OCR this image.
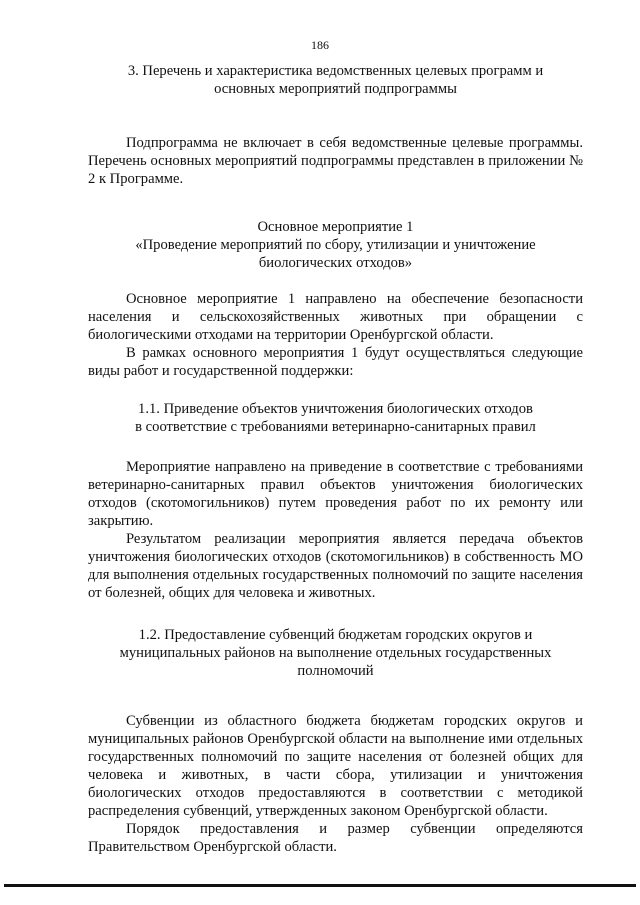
186

3. Перечень и характеристика ведомственных целевых программ и

основных мероприятий подпрограммы

Подпрограмма не включает в себя ведомственные целевые программы. Перечень основных мероприятий подпрограммы представлен в приложении № 2 к Программе.

Основное мероприятие 1

«Проведение мероприятий по сбору, утилизации и уничтожение

биологических отходов»

Основное мероприятие 1 направлено на обеспечение безопасности населения и сельскохозяйственных животных при обращении с биологическими отходами на территории Оренбургской области.

В рамках основного мероприятия 1 будут осуществляться следующие виды работ и государственной поддержки:

1.1. Приведение объектов уничтожения биологических отходов

в соответствие с требованиями ветеринарно-санитарных правил

Мероприятие направлено на приведение в соответствие с требованиями ветеринарно-санитарных правил объектов уничтожения биологических отходов (скотомогильников) путем проведения работ по их ремонту или закрытию.

Результатом реализации мероприятия является передача объектов уничтожения биологических отходов (скотомогильников) в собственность МО для выполнения отдельных государственных полномочий по защите населения от болезней, общих для человека и животных.

1.2. Предоставление субвенций бюджетам городских округов и

муниципальных районов на выполнение отдельных государственных

полномочий

Субвенции из областного бюджета бюджетам городских округов и муниципальных районов Оренбургской области на выполнение ими отдельных государственных полномочий по защите населения от болезней общих для человека и животных, в части сбора, утилизации и уничтожения биологических отходов предоставляются в соответствии с методикой распределения субвенций, утвержденных законом Оренбургской области.

Порядок предоставления и размер субвенции определяются Правительством Оренбургской области.
